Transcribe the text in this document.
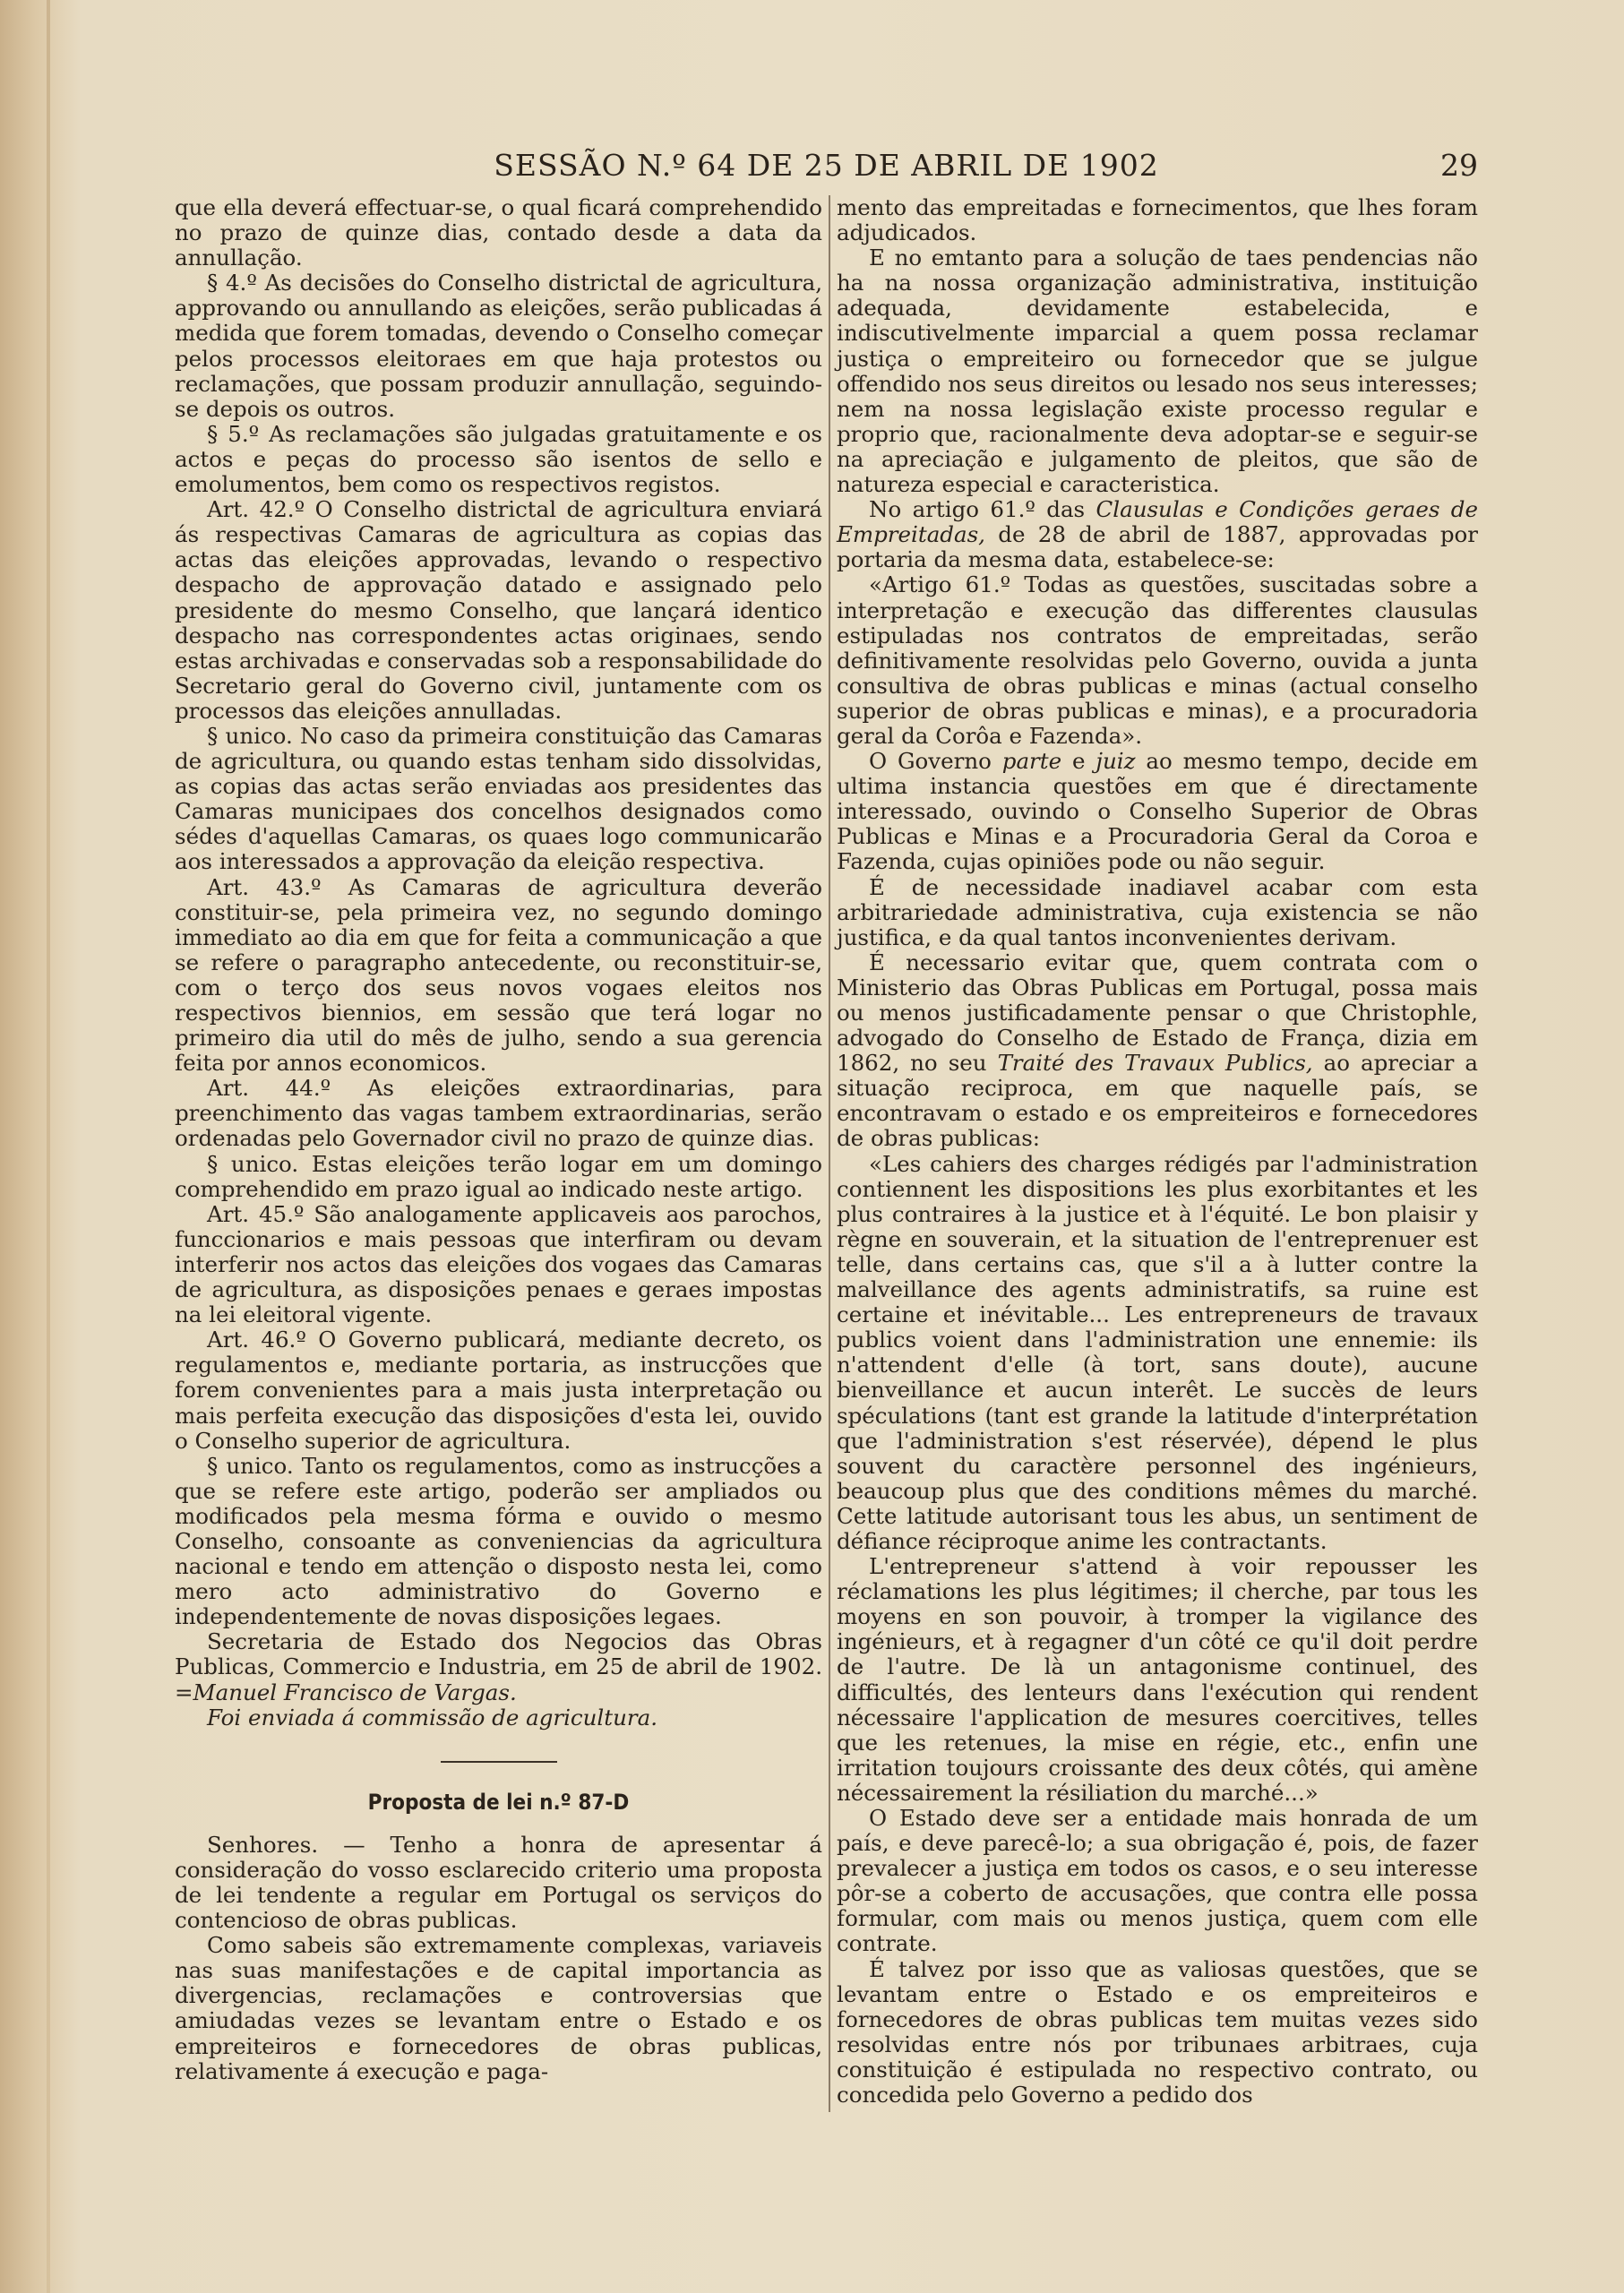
SESSÃO N.º 64 DE 25 DE ABRIL DE 1902	29

que ella deverá effectuar-se, o qual ficará comprehendido no prazo de quinze dias, contado desde a data da annullação.

§ 4.º As decisões do Conselho districtal de agricultura, approvando ou annullando as eleições, serão publicadas á medida que forem tomadas, devendo o Conselho começar pelos processos eleitoraes em que haja protestos ou reclamações, que possam produzir annullação, seguindo-se depois os outros.

§ 5.º As reclamações são julgadas gratuitamente e os actos e peças do processo são isentos de sello e emolumentos, bem como os respectivos registos.

Art. 42.º O Conselho districtal de agricultura enviará ás respectivas Camaras de agricultura as copias das actas das eleições approvadas, levando o respectivo despacho de approvação datado e assignado pelo presidente do mesmo Conselho, que lançará identico despacho nas correspondentes actas originaes, sendo estas archivadas e conservadas sob a responsabilidade do Secretario geral do Governo civil, juntamente com os processos das eleições annulladas.

§ unico. No caso da primeira constituição das Camaras de agricultura, ou quando estas tenham sido dissolvidas, as copias das actas serão enviadas aos presidentes das Camaras municipaes dos concelhos designados como sédes d'aquellas Camaras, os quaes logo communicarão aos interessados a approvação da eleição respectiva.

Art. 43.º As Camaras de agricultura deverão constituir-se, pela primeira vez, no segundo domingo immediato ao dia em que for feita a communicação a que se refere o paragrapho antecedente, ou reconstituir-se, com o terço dos seus novos vogaes eleitos nos respectivos biennios, em sessão que terá logar no primeiro dia util do mês de julho, sendo a sua gerencia feita por annos economicos.

Art. 44.º As eleições extraordinarias, para preenchimento das vagas tambem extraordinarias, serão ordenadas pelo Governador civil no prazo de quinze dias.

§ unico. Estas eleições terão logar em um domingo comprehendido em prazo igual ao indicado neste artigo.

Art. 45.º São analogamente applicaveis aos parochos, funccionarios e mais pessoas que interfiram ou devam interferir nos actos das eleições dos vogaes das Camaras de agricultura, as disposições penaes e geraes impostas na lei eleitoral vigente.

Art. 46.º O Governo publicará, mediante decreto, os regulamentos e, mediante portaria, as instrucções que forem convenientes para a mais justa interpretação ou mais perfeita execução das disposições d'esta lei, ouvido o Conselho superior de agricultura.

§ unico. Tanto os regulamentos, como as instrucções a que se refere este artigo, poderão ser ampliados ou modificados pela mesma fórma e ouvido o mesmo Conselho, consoante as conveniencias da agricultura nacional e tendo em attenção o disposto nesta lei, como mero acto administrativo do Governo e independentemente de novas disposições legaes.

Secretaria de Estado dos Negocios das Obras Publicas, Commercio e Industria, em 25 de abril de 1902. =Manuel Francisco de Vargas.

Foi enviada á commissão de agricultura.

Proposta de lei n.º 87-D

Senhores. — Tenho a honra de apresentar á consideração do vosso esclarecido criterio uma proposta de lei tendente a regular em Portugal os serviços do contencioso de obras publicas.

Como sabeis são extremamente complexas, variaveis nas suas manifestações e de capital importancia as divergencias, reclamações e controversias que amiudadas vezes se levantam entre o Estado e os empreiteiros e fornecedores de obras publicas, relativamente á execução e paga-

mento das empreitadas e fornecimentos, que lhes foram adjudicados.

E no emtanto para a solução de taes pendencias não ha na nossa organização administrativa, instituição adequada, devidamente estabelecida, e indiscutivelmente imparcial a quem possa reclamar justiça o empreiteiro ou fornecedor que se julgue offendido nos seus direitos ou lesado nos seus interesses; nem na nossa legislação existe processo regular e proprio que, racionalmente deva adoptar-se e seguir-se na apreciação e julgamento de pleitos, que são de natureza especial e caracteristica.

No artigo 61.º das Clausulas e Condições geraes de Empreitadas, de 28 de abril de 1887, approvadas por portaria da mesma data, estabelece-se:

«Artigo 61.º Todas as questões, suscitadas sobre a interpretação e execução das differentes clausulas estipuladas nos contratos de empreitadas, serão definitivamente resolvidas pelo Governo, ouvida a junta consultiva de obras publicas e minas (actual conselho superior de obras publicas e minas), e a procuradoria geral da Corôa e Fazenda».

O Governo parte e juiz ao mesmo tempo, decide em ultima instancia questões em que é directamente interessado, ouvindo o Conselho Superior de Obras Publicas e Minas e a Procuradoria Geral da Coroa e Fazenda, cujas opiniões pode ou não seguir.

É de necessidade inadiavel acabar com esta arbitrariedade administrativa, cuja existencia se não justifica, e da qual tantos inconvenientes derivam.

É necessario evitar que, quem contrata com o Ministerio das Obras Publicas em Portugal, possa mais ou menos justificadamente pensar o que Christophle, advogado do Conselho de Estado de França, dizia em 1862, no seu Traité des Travaux Publics, ao apreciar a situação reciproca, em que naquelle país, se encontravam o estado e os empreiteiros e fornecedores de obras publicas:

«Les cahiers des charges rédigés par l'administration contiennent les dispositions les plus exorbitantes et les plus contraires à la justice et à l'équité. Le bon plaisir y règne en souverain, et la situation de l'entreprenuer est telle, dans certains cas, que s'il a à lutter contre la malveillance des agents administratifs, sa ruine est certaine et inévitable... Les entrepreneurs de travaux publics voient dans l'administration une ennemie: ils n'attendent d'elle (à tort, sans doute), aucune bienveillance et aucun interêt. Le succès de leurs spéculations (tant est grande la latitude d'interprétation que l'administration s'est réservée), dépend le plus souvent du caractère personnel des ingénieurs, beaucoup plus que des conditions mêmes du marché. Cette latitude autorisant tous les abus, un sentiment de défiance réciproque anime les contractants.

L'entrepreneur s'attend à voir repousser les réclamations les plus légitimes; il cherche, par tous les moyens en son pouvoir, à tromper la vigilance des ingénieurs, et à regagner d'un côté ce qu'il doit perdre de l'autre. De là un antagonisme continuel, des difficultés, des lenteurs dans l'exécution qui rendent nécessaire l'application de mesures coercitives, telles que les retenues, la mise en régie, etc., enfin une irritation toujours croissante des deux côtés, qui amène nécessairement la résiliation du marché...»

O Estado deve ser a entidade mais honrada de um país, e deve parecê-lo; a sua obrigação é, pois, de fazer prevalecer a justiça em todos os casos, e o seu interesse pôr-se a coberto de accusações, que contra elle possa formular, com mais ou menos justiça, quem com elle contrate.

É talvez por isso que as valiosas questões, que se levantam entre o Estado e os empreiteiros e fornecedores de obras publicas tem muitas vezes sido resolvidas entre nós por tribunaes arbitraes, cuja constituição é estipulada no respectivo contrato, ou concedida pelo Governo a pedido dos
